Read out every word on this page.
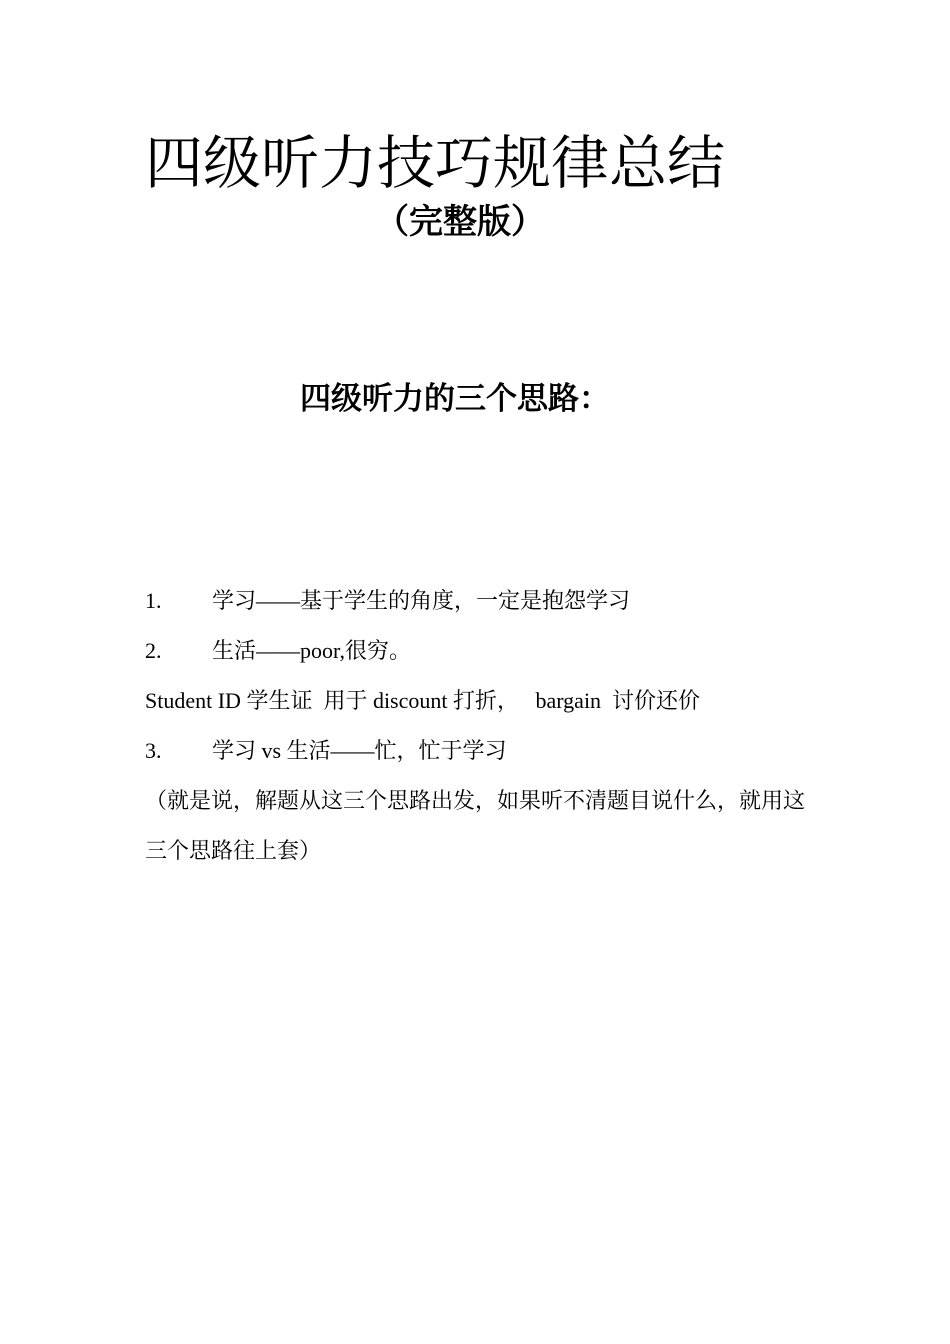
四级听力技巧规律总结
（完整版）
四级听力的三个思路：
1. 学习——基于学生的角度，一定是抱怨学习
2. 生活——poor,很穷。
Student ID 学生证  用于 discount 打折，   bargain  讨价还价
3. 学习 vs 生活——忙，忙于学习
（就是说，解题从这三个思路出发，如果听不清题目说什么，就用这三个思路往上套）
